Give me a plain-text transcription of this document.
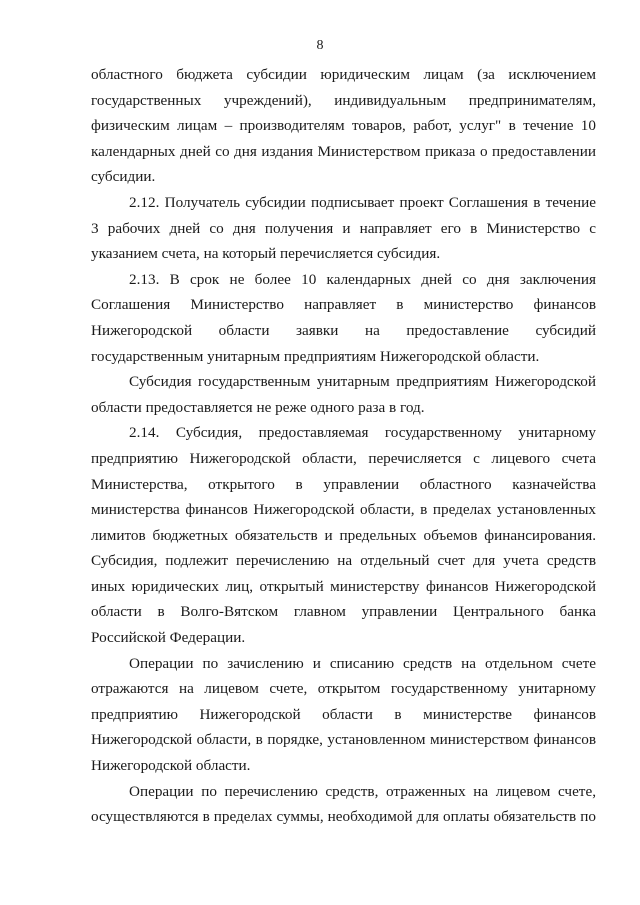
8
областного бюджета субсидии юридическим лицам (за исключением
государственных учреждений), индивидуальным предпринимателям,
физическим лицам – производителям товаров, работ, услуг" в течение 10
календарных дней со дня издания Министерством приказа о предоставлении
субсидии.
2.12. Получатель субсидии подписывает проект Соглашения в течение
3 рабочих дней со дня получения и направляет его в Министерство с
указанием счета, на который перечисляется субсидия.
2.13. В срок не более 10 календарных дней со дня заключения
Соглашения Министерство направляет в министерство финансов
Нижегородской области заявки на предоставление субсидий
государственным унитарным предприятиям Нижегородской области.
Субсидия государственным унитарным предприятиям Нижегородской
области предоставляется не реже одного раза в год.
2.14. Субсидия, предоставляемая государственному унитарному
предприятию Нижегородской области, перечисляется с лицевого счета
Министерства, открытого в управлении областного казначейства
министерства финансов Нижегородской области, в пределах установленных
лимитов бюджетных обязательств и предельных объемов финансирования.
Субсидия, подлежит перечислению на отдельный счет для учета средств
иных юридических лиц, открытый министерству финансов Нижегородской
области в Волго-Вятском главном управлении Центрального банка
Российской Федерации.
Операции по зачислению и списанию средств на отдельном счете
отражаются на лицевом счете, открытом государственному унитарному
предприятию Нижегородской области в министерстве финансов
Нижегородской области, в порядке, установленном министерством финансов
Нижегородской области.
Операции по перечислению средств, отраженных на лицевом счете,
осуществляются в пределах суммы, необходимой для оплаты обязательств по
